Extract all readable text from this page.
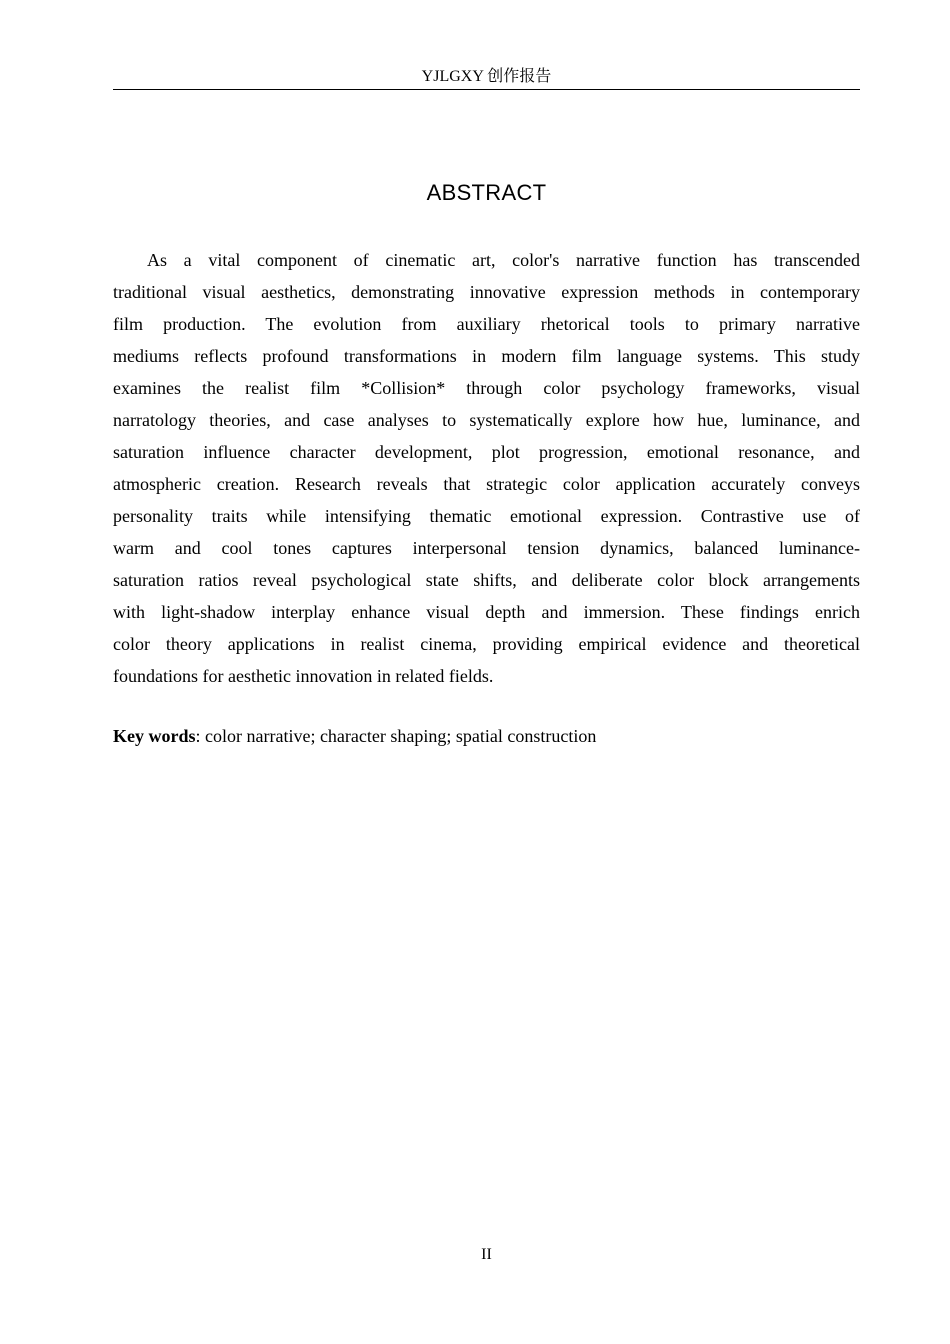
YJLGXY 创作报告
ABSTRACT

As a vital component of cinematic art, color's narrative function has transcended
traditional visual aesthetics, demonstrating innovative expression methods in contemporary
film production. The evolution from auxiliary rhetorical tools to primary narrative
mediums reflects profound transformations in modern film language systems. This study
examines the realist film *Collision* through color psychology frameworks, visual
narratology theories, and case analyses to systematically explore how hue, luminance, and
saturation influence character development, plot progression, emotional resonance, and
atmospheric creation. Research reveals that strategic color application accurately conveys
personality traits while intensifying thematic emotional expression. Contrastive use of
warm and cool tones captures interpersonal tension dynamics, balanced luminance-
saturation ratios reveal psychological state shifts, and deliberate color block arrangements
with light-shadow interplay enhance visual depth and immersion. These findings enrich
color theory applications in realist cinema, providing empirical evidence and theoretical
foundations for aesthetic innovation in related fields.

Key words: color narrative; character shaping; spatial construction
II
